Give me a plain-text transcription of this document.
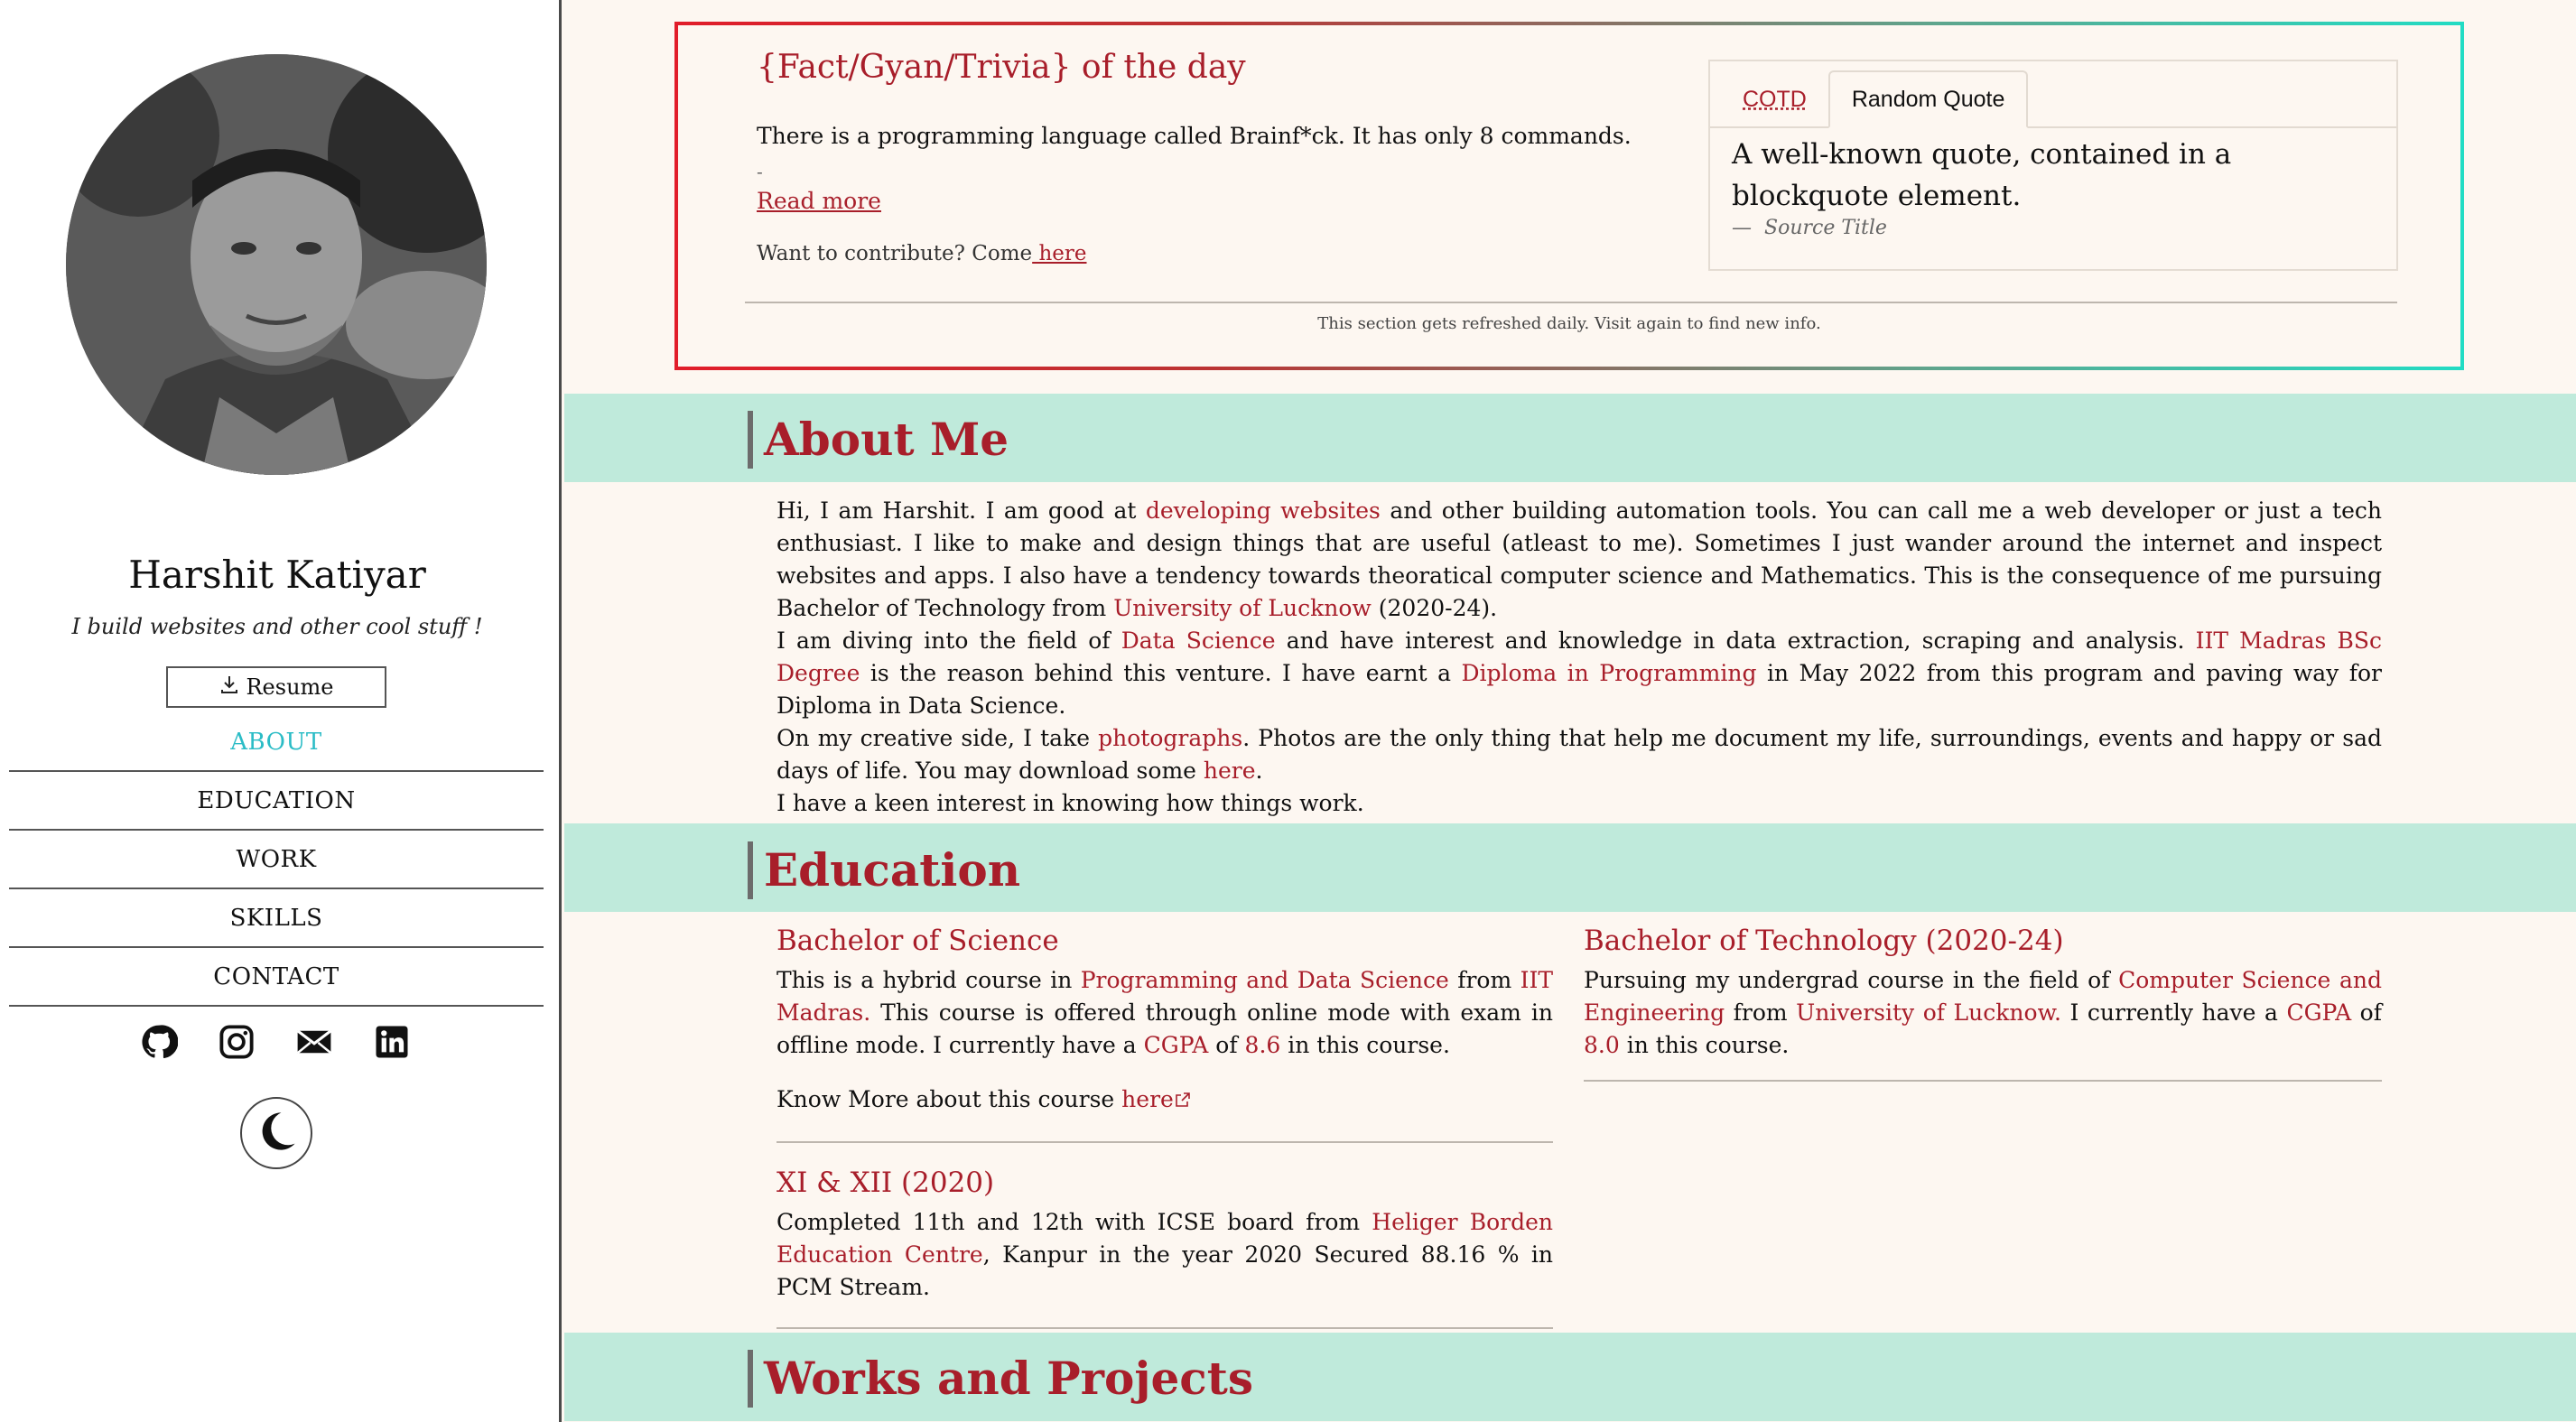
Harshit Katiyar
I build websites and other cool stuff !
Resume
ABOUT
EDUCATION
WORK
SKILLS
CONTACT
{Fact/Gyan/Trivia} of the day
There is a programming language called Brainf*ck. It has only 8 commands.
-
Read more
Want to contribute? Come here
COTD	Random Quote
A well-known quote, contained in a blockquote element.
— Source Title
This section gets refreshed daily. Visit again to find new info.
About Me

Hi, I am Harshit. I am good at developing websites and other building automation tools. You can call me a web developer or just a tech enthusiast. I like to make and design things that are useful (atleast to me). Sometimes I just wander around the internet and inspect websites and apps. I also have a tendency towards theoratical computer science and Mathematics. This is the consequence of me pursuing Bachelor of Technology from University of Lucknow (2020-24).

I am diving into the field of Data Science and have interest and knowledge in data extraction, scraping and analysis. IIT Madras BSc Degree is the reason behind this venture. I have earnt a Diploma in Programming in May 2022 from this program and paving way for Diploma in Data Science.

On my creative side, I take photographs. Photos are the only thing that help me document my life, surroundings, events and happy or sad days of life. You may download some here.

I have a keen interest in knowing how things work.

Education
Bachelor of Science

This is a hybrid course in Programming and Data Science from IIT Madras. This course is offered through online mode with exam in offline mode. I currently have a CGPA of 8.6 in this course.

Know More about this course here

XI & XII (2020)

Completed 11th and 12th with ICSE board from Heliger Borden Education Centre, Kanpur in the year 2020 Secured 88.16 % in PCM Stream.

Bachelor of Technology (2020-24)

Pursuing my undergrad course in the field of Computer Science and Engineering from University of Lucknow. I currently have a CGPA of 8.0 in this course.

Works and Projects
